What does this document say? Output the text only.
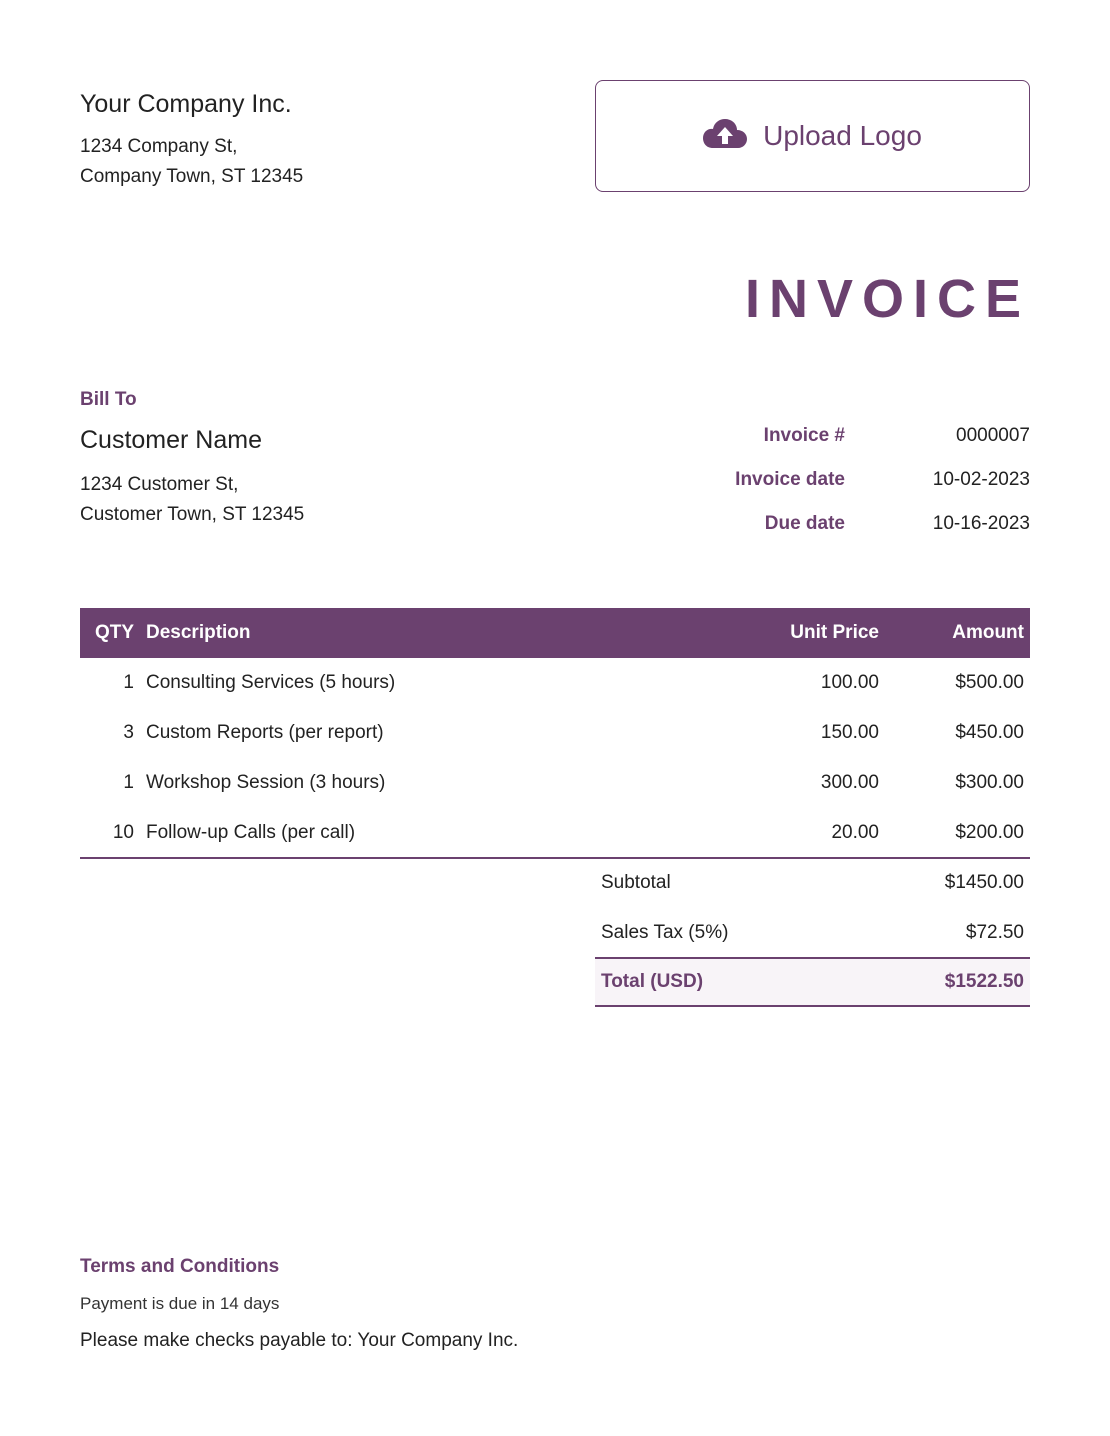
Your Company Inc.
1234 Company St,
Company Town, ST 12345
Upload Logo
INVOICE
Bill To
Customer Name
1234 Customer St,
Customer Town, ST 12345
Invoice #	0000007
Invoice date	10-02-2023
Due date	10-16-2023
QTY	Description	Unit Price	Amount
1	Consulting Services (5 hours)	100.00	$500.00
3	Custom Reports (per report)	150.00	$450.00
1	Workshop Session (3 hours)	300.00	$300.00
10	Follow-up Calls (per call)	20.00	$200.00
Subtotal	$1450.00
Sales Tax (5%)	$72.50
Total (USD)	$1522.50
Terms and Conditions
Payment is due in 14 days
Please make checks payable to: Your Company Inc.
